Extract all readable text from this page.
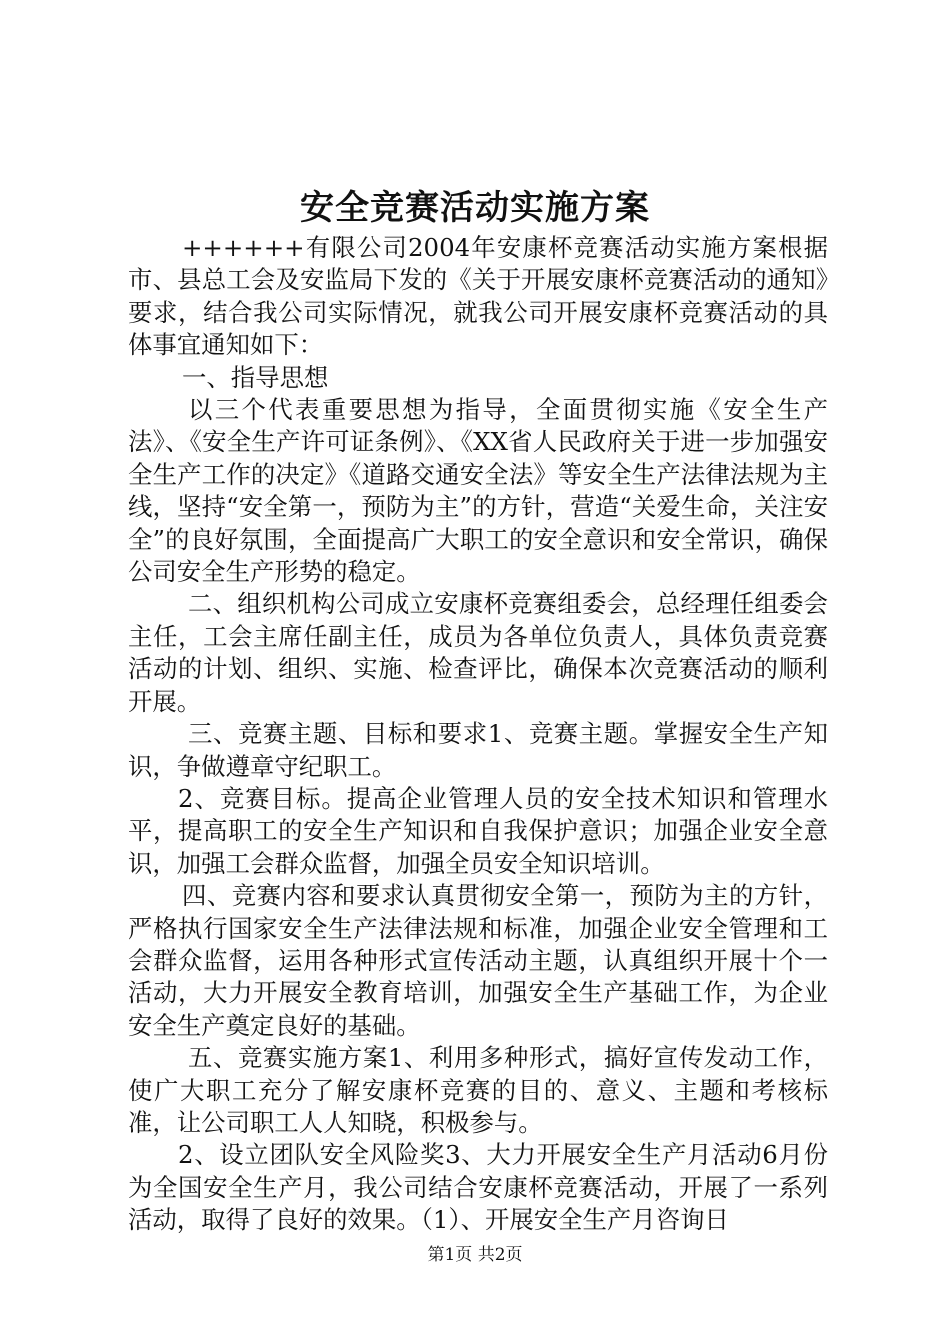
安全竞赛活动实施方案

++++++有限公司2004年安康杯竞赛活动实施方案根据市、县总工会及安监局下发的《关于开展安康杯竞赛活动的通知》要求，结合我公司实际情况，就我公司开展安康杯竞赛活动的具体事宜通知如下：

一、指导思想

以三个代表重要思想为指导，全面贯彻实施《安全生产法》、《安全生产许可证条例》、《XX省人民政府关于进一步加强安全生产工作的决定》《道路交通安全法》等安全生产法律法规为主线，坚持“安全第一，预防为主”的方针，营造“关爱生命，关注安全”的良好氛围，全面提高广大职工的安全意识和安全常识，确保公司安全生产形势的稳定。

二、组织机构公司成立安康杯竞赛组委会，总经理任组委会主任，工会主席任副主任，成员为各单位负责人，具体负责竞赛活动的计划、组织、实施、检查评比，确保本次竞赛活动的顺利开展。

三、竞赛主题、目标和要求1、竞赛主题。掌握安全生产知识，争做遵章守纪职工。

2、竞赛目标。提高企业管理人员的安全技术知识和管理水平，提高职工的安全生产知识和自我保护意识；加强企业安全意识，加强工会群众监督，加强全员安全知识培训。

四、竞赛内容和要求认真贯彻安全第一，预防为主的方针，严格执行国家安全生产法律法规和标准，加强企业安全管理和工会群众监督，运用各种形式宣传活动主题，认真组织开展十个一活动，大力开展安全教育培训，加强安全生产基础工作，为企业安全生产奠定良好的基础。

五、竞赛实施方案1、利用多种形式，搞好宣传发动工作，使广大职工充分了解安康杯竞赛的目的、意义、主题和考核标准，让公司职工人人知晓，积极参与。

2、设立团队安全风险奖3、大力开展安全生产月活动6月份为全国安全生产月，我公司结合安康杯竞赛活动，开展了一系列活动，取得了良好的效果。（1）、开展安全生产月咨询日

第1页 共2页
